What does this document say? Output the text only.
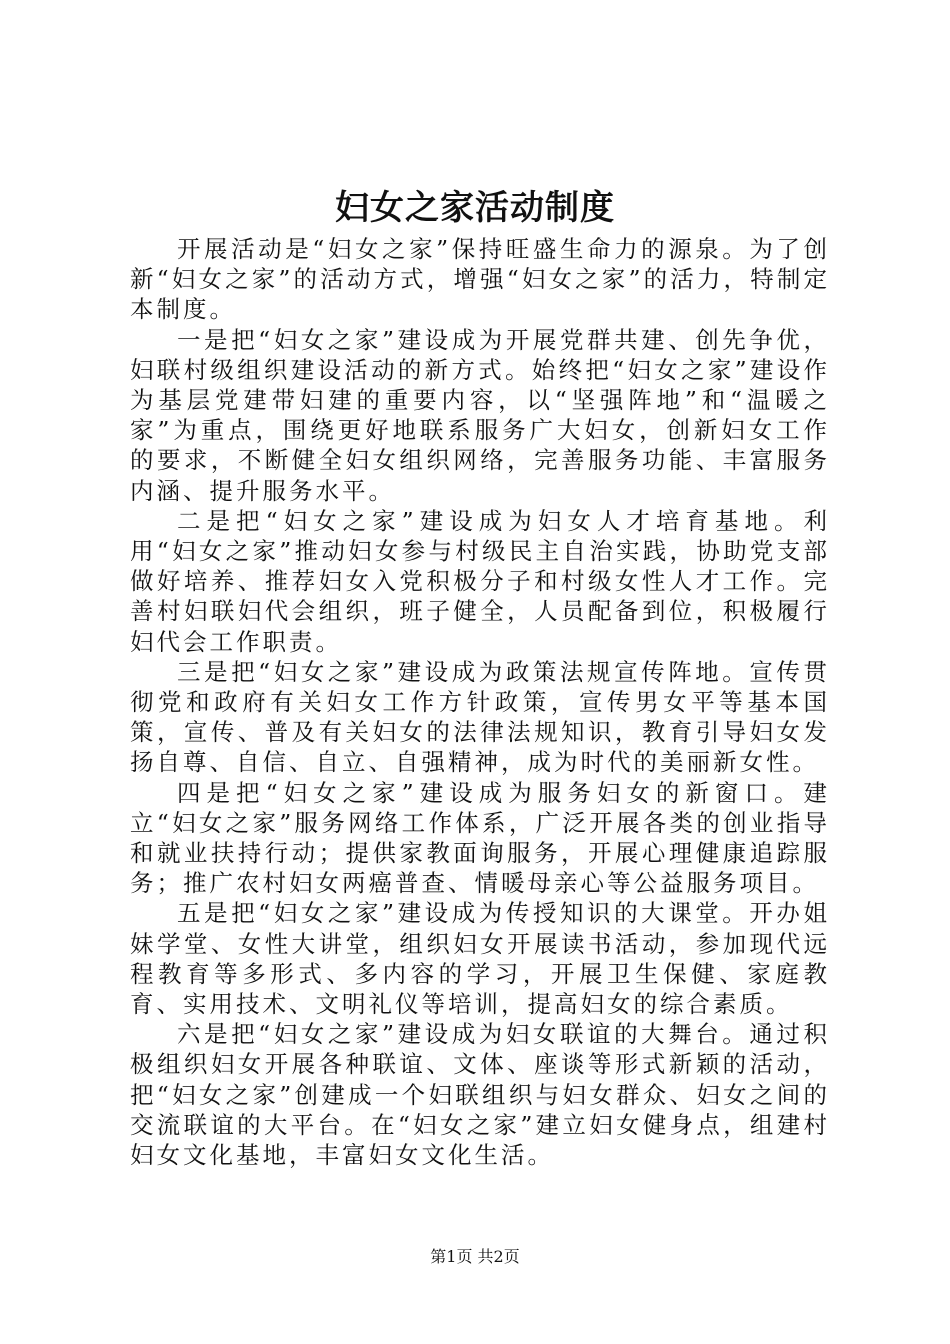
妇女之家活动制度

开展活动是“妇女之家”保持旺盛生命力的源泉。为了创新“妇女之家”的活动方式，增强“妇女之家”的活力，特制定本制度。

一是把“妇女之家”建设成为开展党群共建、创先争优，妇联村级组织建设活动的新方式。始终把“妇女之家”建设作为基层党建带妇建的重要内容，以“坚强阵地”和“温暖之家”为重点，围绕更好地联系服务广大妇女，创新妇女工作的要求，不断健全妇女组织网络，完善服务功能、丰富服务内涵、提升服务水平。

二是把“妇女之家”建设成为妇女人才培育基地。利用“妇女之家”推动妇女参与村级民主自治实践，协助党支部做好培养、推荐妇女入党积极分子和村级女性人才工作。完善村妇联妇代会组织，班子健全，人员配备到位，积极履行妇代会工作职责。

三是把“妇女之家”建设成为政策法规宣传阵地。宣传贯彻党和政府有关妇女工作方针政策，宣传男女平等基本国策，宣传、普及有关妇女的法律法规知识，教育引导妇女发扬自尊、自信、自立、自强精神，成为时代的美丽新女性。

四是把“妇女之家”建设成为服务妇女的新窗口。建立“妇女之家”服务网络工作体系，广泛开展各类的创业指导和就业扶持行动；提供家教面询服务，开展心理健康追踪服务；推广农村妇女两癌普查、情暖母亲心等公益服务项目。

五是把“妇女之家”建设成为传授知识的大课堂。开办姐妹学堂、女性大讲堂，组织妇女开展读书活动，参加现代远程教育等多形式、多内容的学习，开展卫生保健、家庭教育、实用技术、文明礼仪等培训，提高妇女的综合素质。

六是把“妇女之家”建设成为妇女联谊的大舞台。通过积极组织妇女开展各种联谊、文体、座谈等形式新颖的活动，把“妇女之家”创建成一个妇联组织与妇女群众、妇女之间的交流联谊的大平台。在“妇女之家”建立妇女健身点，组建村妇女文化基地，丰富妇女文化生活。

第1页 共2页
